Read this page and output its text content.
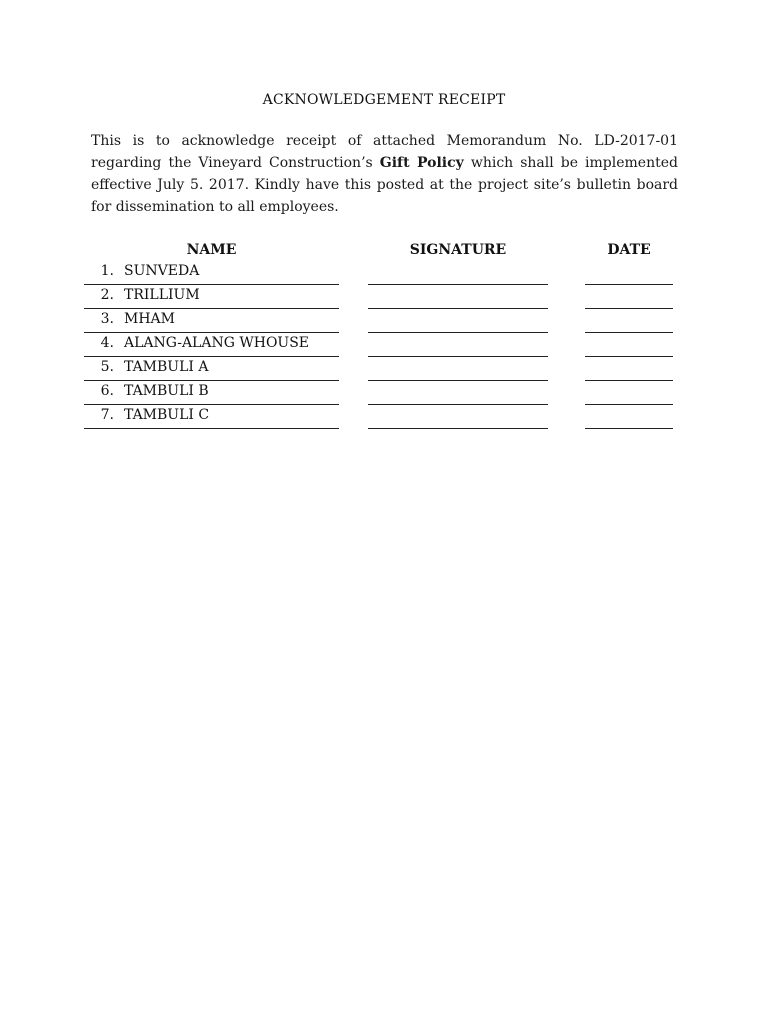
ACKNOWLEDGEMENT RECEIPT
This is to acknowledge receipt of attached Memorandum No. LD-2017-01 regarding the Vineyard Construction’s Gift Policy which shall be implemented effective July 5. 2017. Kindly have this posted at the project site’s bulletin board for dissemination to all employees.
NAME	SIGNATURE	DATE
1. SUNVEDA
2. TRILLIUM
3. MHAM
4. ALANG-ALANG WHOUSE
5. TAMBULI A
6. TAMBULI B
7. TAMBULI C
